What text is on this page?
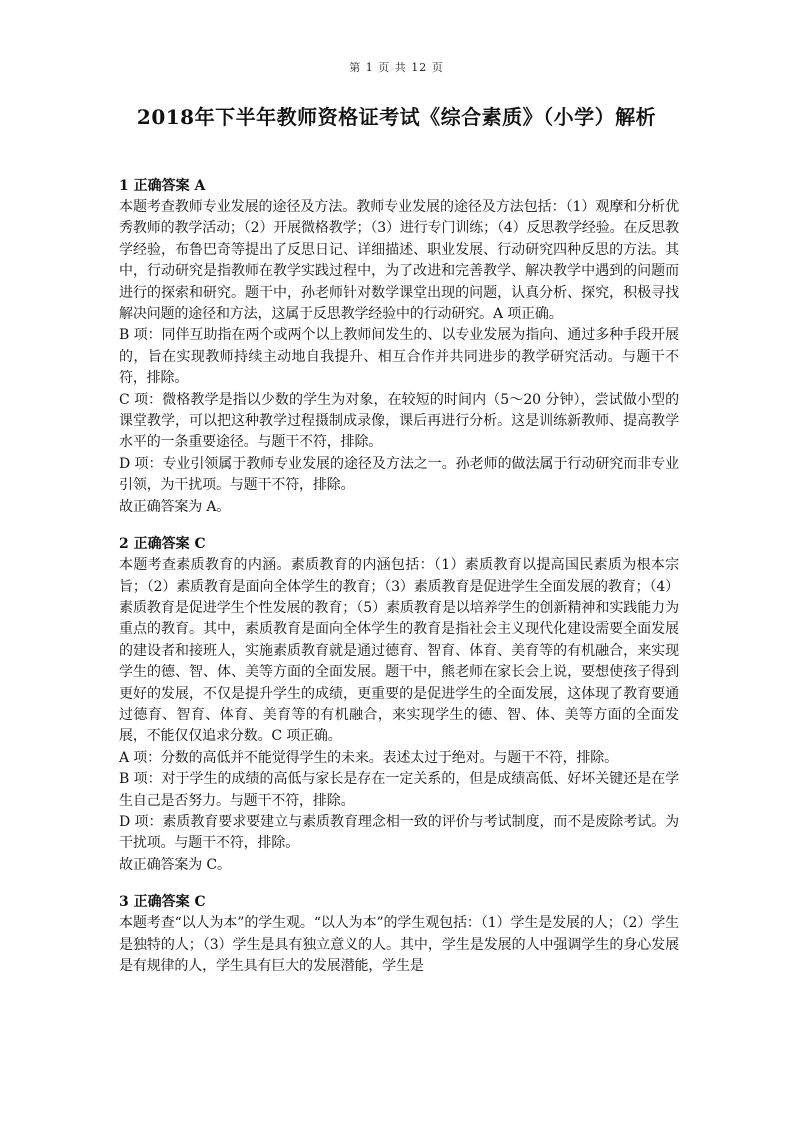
第 1 页 共 12 页
2018年下半年教师资格证考试《综合素质》（小学）解析

1 正确答案 A

本题考查教师专业发展的途径及方法。教师专业发展的途径及方法包括：（1）观摩和分析优秀教师的教学活动；（2）开展微格教学；（3）进行专门训练；（4）反思教学经验。在反思教学经验，布鲁巴奇等提出了反思日记、详细描述、职业发展、行动研究四种反思的方法。其中，行动研究是指教师在教学实践过程中，为了改进和完善教学、解决教学中遇到的问题而进行的探索和研究。题干中，孙老师针对数学课堂出现的问题，认真分析、探究，积极寻找解决问题的途径和方法，这属于反思教学经验中的行动研究。A 项正确。

B 项：同伴互助指在两个或两个以上教师间发生的、以专业发展为指向、通过多种手段开展的，旨在实现教师持续主动地自我提升、相互合作并共同进步的教学研究活动。与题干不符，排除。

C 项：微格教学是指以少数的学生为对象，在较短的时间内（5～20 分钟），尝试做小型的课堂教学，可以把这种教学过程摄制成录像，课后再进行分析。这是训练新教师、提高教学水平的一条重要途径。与题干不符，排除。

D 项：专业引领属于教师专业发展的途径及方法之一。孙老师的做法属于行动研究而非专业引领，为干扰项。与题干不符，排除。

故正确答案为 A。

2 正确答案 C

本题考查素质教育的内涵。素质教育的内涵包括：（1）素质教育以提高国民素质为根本宗旨；（2）素质教育是面向全体学生的教育；（3）素质教育是促进学生全面发展的教育；（4）素质教育是促进学生个性发展的教育；（5）素质教育是以培养学生的创新精神和实践能力为重点的教育。其中，素质教育是面向全体学生的教育是指社会主义现代化建设需要全面发展的建设者和接班人，实施素质教育就是通过德育、智育、体育、美育等的有机融合，来实现学生的德、智、体、美等方面的全面发展。题干中，熊老师在家长会上说，要想使孩子得到更好的发展，不仅是提升学生的成绩，更重要的是促进学生的全面发展，这体现了教育要通过德育、智育、体育、美育等的有机融合，来实现学生的德、智、体、美等方面的全面发展，不能仅仅追求分数。C 项正确。

A 项：分数的高低并不能觉得学生的未来。表述太过于绝对。与题干不符，排除。

B 项：对于学生的成绩的高低与家长是存在一定关系的，但是成绩高低、好坏关键还是在学生自己是否努力。与题干不符，排除。

D 项：素质教育要求要建立与素质教育理念相一致的评价与考试制度，而不是废除考试。为干扰项。与题干不符，排除。

故正确答案为 C。

3 正确答案 C

本题考查“以人为本”的学生观。“以人为本”的学生观包括：（1）学生是发展的人；（2）学生是独特的人；（3）学生是具有独立意义的人。其中，学生是发展的人中强调学生的身心发展是有规律的人，学生具有巨大的发展潜能，学生是
